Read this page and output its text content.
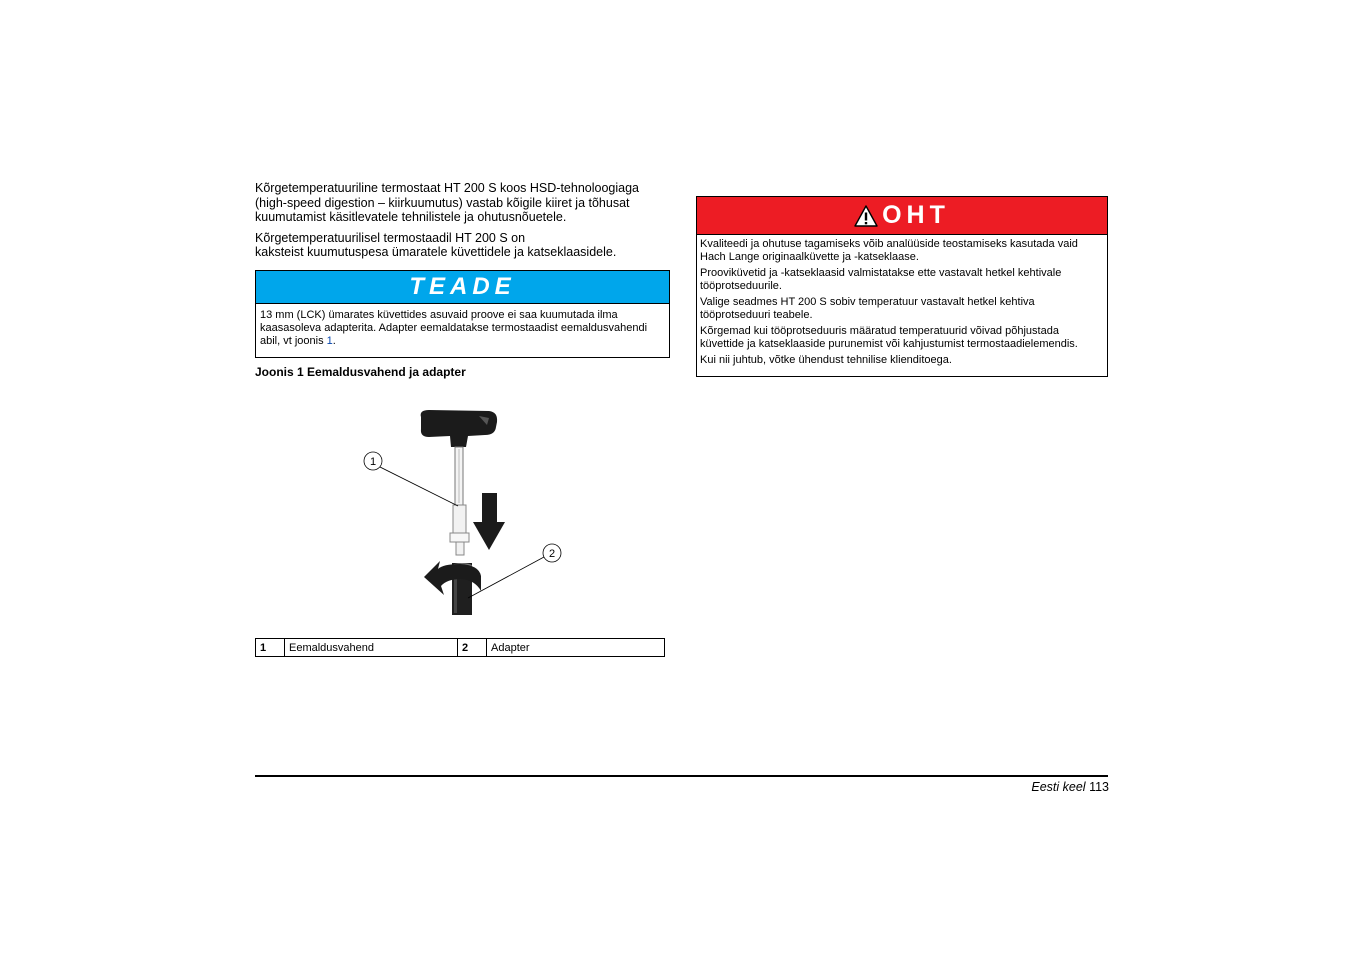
Kõrgetemperatuuriline termostaat HT 200 S koos HSD-tehnoloogiaga (high-speed digestion – kiirkuumutus) vastab kõigile kiiret ja tõhusat kuumutamist käsitlevatele tehnilistele ja ohutusnõuetele.

Kõrgetemperatuurilisel termostaadil HT 200 S on
kaksteist kuumutuspesa ümaratele küvettidele ja katseklaasidele.

TEADE
13 mm (LCK) ümarates küvettides asuvaid proove ei saa kuumutada ilma kaasasoleva adapterita. Adapter eemaldatakse termostaadist eemaldusvahendi abil, vt joonis 1.
Joonis 1 Eemaldusvahend ja adapter
1
2
1	Eemaldusvahend	2	Adapter
OHT

Kvaliteedi ja ohutuse tagamiseks võib analüüside teostamiseks kasutada vaid Hach Lange originaalküvette ja -katseklaase.

Prooviküvetid ja -katseklaasid valmistatakse ette vastavalt hetkel kehtivale tööprotseduurile.

Valige seadmes HT 200 S sobiv temperatuur vastavalt hetkel kehtiva tööprotseduuri teabele.

Kõrgemad kui tööprotseduuris määratud temperatuurid võivad põhjustada küvettide ja katseklaaside purunemist või kahjustumist termostaadielemendis.

Kui nii juhtub, võtke ühendust tehnilise klienditoega.

Eesti keel 113
